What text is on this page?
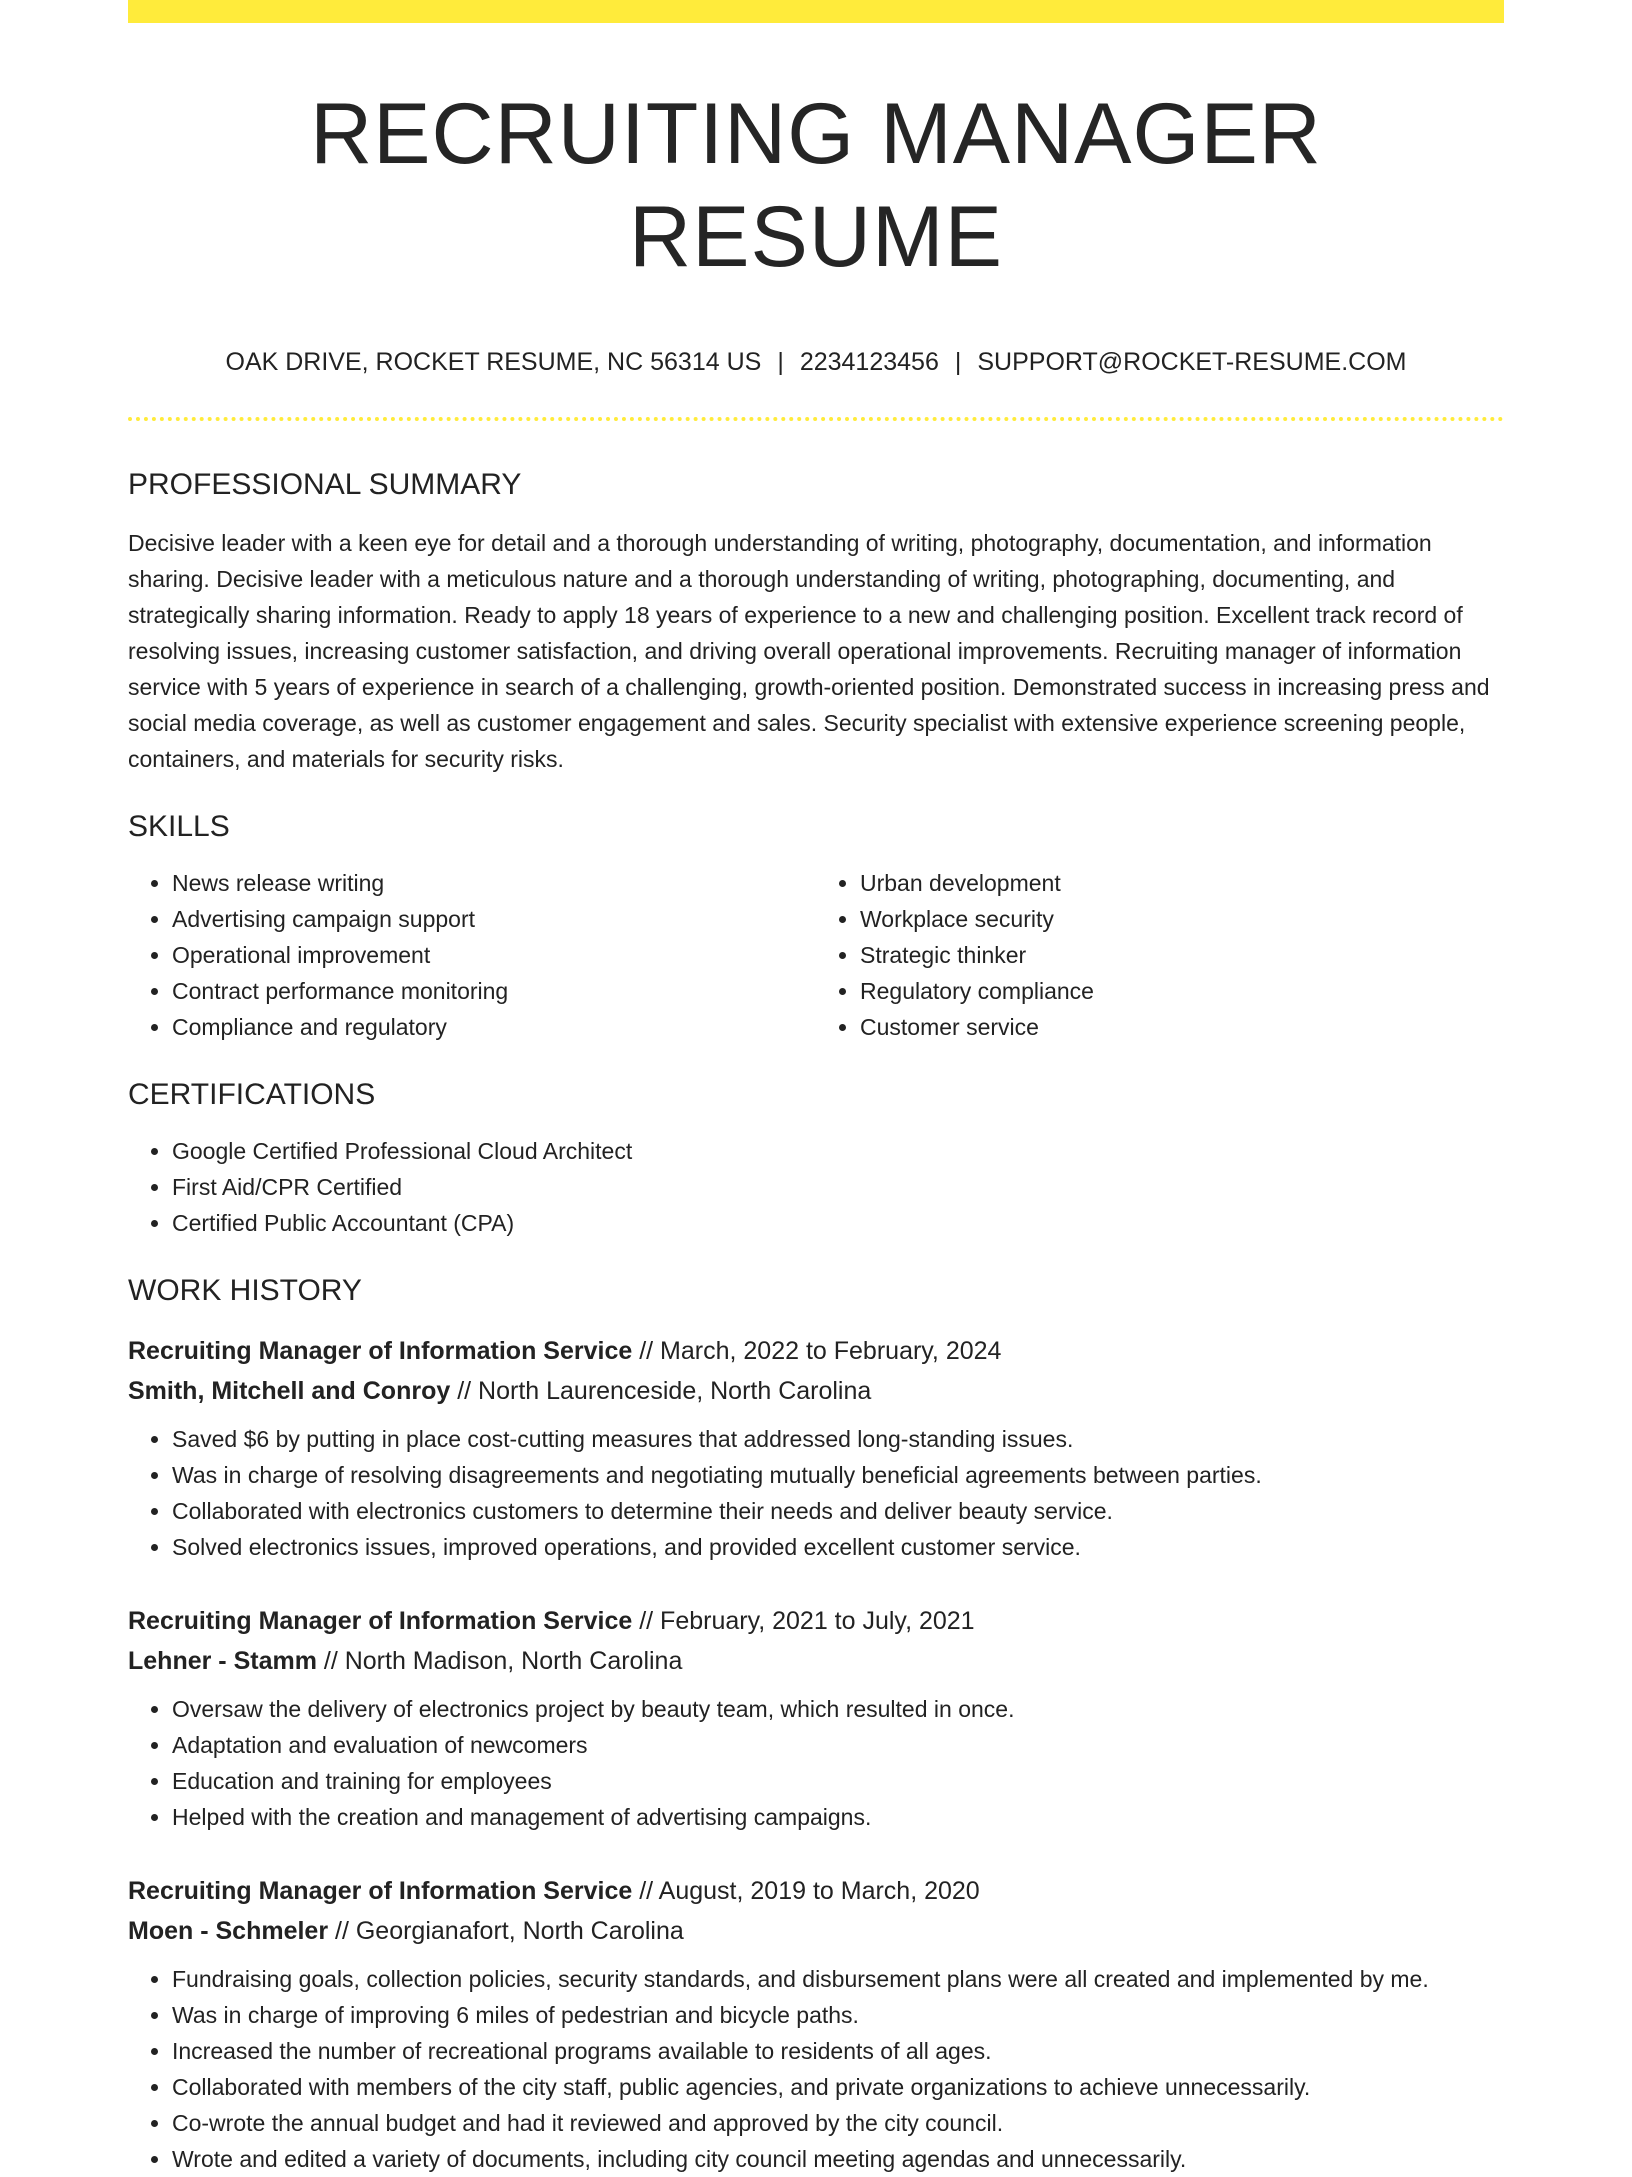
RECRUITING MANAGER RESUME
OAK DRIVE, ROCKET RESUME, NC 56314 US | 2234123456 | SUPPORT@ROCKET-RESUME.COM
PROFESSIONAL SUMMARY

Decisive leader with a keen eye for detail and a thorough understanding of writing, photography, documentation, and information sharing. Decisive leader with a meticulous nature and a thorough understanding of writing, photographing, documenting, and strategically sharing information. Ready to apply 18 years of experience to a new and challenging position. Excellent track record of resolving issues, increasing customer satisfaction, and driving overall operational improvements. Recruiting manager of information service with 5 years of experience in search of a challenging, growth-oriented position. Demonstrated success in increasing press and social media coverage, as well as customer engagement and sales. Security specialist with extensive experience screening people, containers, and materials for security risks.

SKILLS
• News release writing
• Advertising campaign support
• Operational improvement
• Contract performance monitoring
• Compliance and regulatory
• Urban development
• Workplace security
• Strategic thinker
• Regulatory compliance
• Customer service
CERTIFICATIONS
• Google Certified Professional Cloud Architect
• First Aid/CPR Certified
• Certified Public Accountant (CPA)
WORK HISTORY
Recruiting Manager of Information Service // March, 2022 to February, 2024
Smith, Mitchell and Conroy // North Laurenceside, North Carolina
• Saved $6 by putting in place cost-cutting measures that addressed long-standing issues.
• Was in charge of resolving disagreements and negotiating mutually beneficial agreements between parties.
• Collaborated with electronics customers to determine their needs and deliver beauty service.
• Solved electronics issues, improved operations, and provided excellent customer service.
Recruiting Manager of Information Service // February, 2021 to July, 2021
Lehner - Stamm // North Madison, North Carolina
• Oversaw the delivery of electronics project by beauty team, which resulted in once.
• Adaptation and evaluation of newcomers
• Education and training for employees
• Helped with the creation and management of advertising campaigns.
Recruiting Manager of Information Service // August, 2019 to March, 2020
Moen - Schmeler // Georgianafort, North Carolina
• Fundraising goals, collection policies, security standards, and disbursement plans were all created and implemented by me.
• Was in charge of improving 6 miles of pedestrian and bicycle paths.
• Increased the number of recreational programs available to residents of all ages.
• Collaborated with members of the city staff, public agencies, and private organizations to achieve unnecessarily.
• Co-wrote the annual budget and had it reviewed and approved by the city council.
• Wrote and edited a variety of documents, including city council meeting agendas and unnecessarily.
